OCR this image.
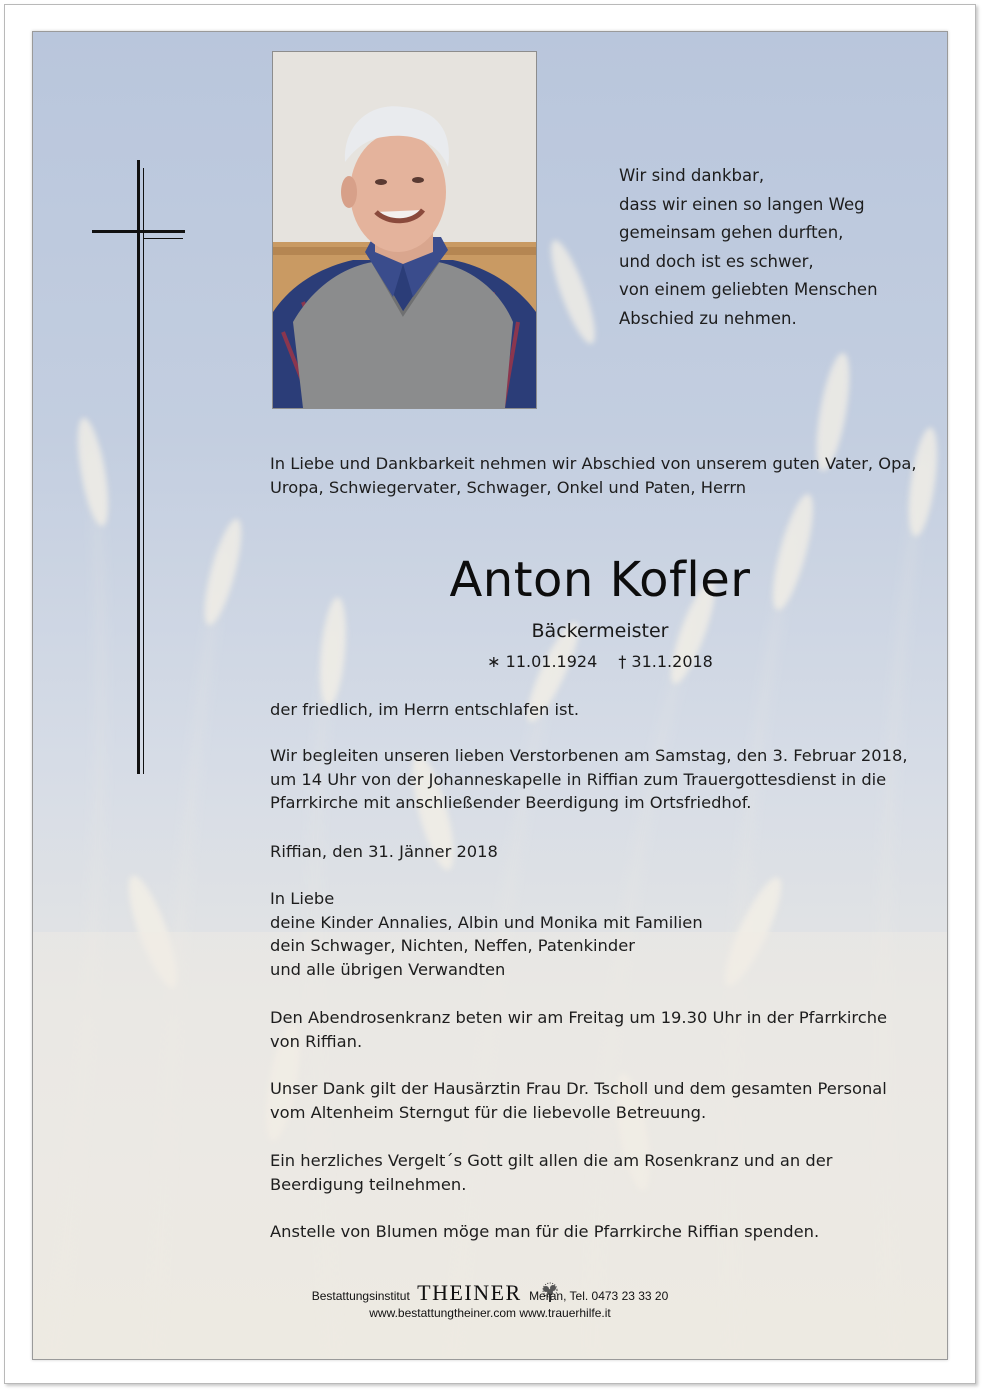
Wir sind dankbar,
dass wir einen so langen Weg
gemeinsam gehen durften,
und doch ist es schwer,
von einem geliebten Menschen
Abschied zu nehmen.
In Liebe und Dankbarkeit nehmen wir Abschied von unserem guten Vater, Opa,
Uropa, Schwiegervater, Schwager, Onkel und Paten, Herrn
Anton Kofler
Bäckermeister
∗ 11.01.1924 † 31.1.2018
der friedlich, im Herrn entschlafen ist.
Wir begleiten unseren lieben Verstorbenen am Samstag, den 3. Februar 2018,
um 14 Uhr von der Johanneskapelle in Riffian zum Trauergottesdienst in die
Pfarrkirche mit anschließender Beerdigung im Ortsfriedhof.
Riffian, den 31. Jänner 2018
In Liebe
deine Kinder Annalies, Albin und Monika mit Familien
dein Schwager, Nichten, Neffen, Patenkinder
und alle übrigen Verwandten
Den Abendrosenkranz beten wir am Freitag um 19.30 Uhr in der Pfarrkirche
von Riffian.
Unser Dank gilt der Hausärztin Frau Dr. Tscholl und dem gesamten Personal
vom Altenheim Sterngut für die liebevolle Betreuung.
Ein herzliches Vergelt´s Gott gilt allen die am Rosenkranz und an der
Beerdigung teilnehmen.
Anstelle von Blumen möge man für die Pfarrkirche Riffian spenden.
Bestattungsinstitut THEINER Meran, Tel. 0473 23 33 20
www.bestattungtheiner.com www.trauerhilfe.it
